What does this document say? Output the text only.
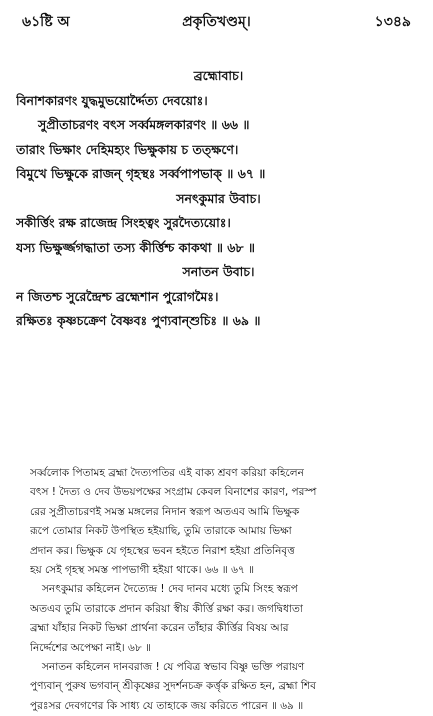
৬১ষ্টি অ	প্রকৃতিখণ্ডম্।	১৩৪৯
ব্রহ্মোবাচ।
বিনাশকারণং যুদ্ধমুভয়োর্দ্দৈত্য দেবয়োঃ।
সুপ্রীতাচরণং বৎস সর্ব্বমঙ্গলকারণং ॥ ৬৬ ॥
তারাং ভিক্ষাং দেহিমহ্যং ভিক্ষুকায় চ তত্ক্ষণে।
বিমুখে ভিক্ষুকে রাজন্ গৃহস্থঃ সর্ব্বপাপভাক্ ॥ ৬৭ ॥
সনৎকুমার উবাচ।
সকীর্ত্তিং রক্ষ রাজেন্দ্র সিংহত্বং সুরদৈত্যয়োঃ।
যস্য ভিক্ষুর্জ্জগদ্ধাতা তস্য কীর্ত্তিশ্চ কাকথা ॥ ৬৮ ॥
সনাতন উবাচ।
ন জিতশ্চ সুরেন্দ্রৈশ্চ ব্রহ্মেশান পুরোগমৈঃ।
রক্ষিতঃ কৃষ্ণচক্রেণ বৈষ্ণবঃ পুণ্যবান্শুচিঃ ॥ ৬৯ ॥
সর্ব্বলোক পিতামহ ব্রহ্মা দৈত্যপতির এই বাক্য শ্রবণ করিয়া কহিলেন
বৎস ! দৈত্য ও দেব উভয়পক্ষের সংগ্রাম কেবল বিনাশের কারণ, পরস্প
রের সুপ্রীতাচরণই সমস্ত মঙ্গলের নিদান স্বরূপ অতএব আমি ভিক্ষুক
রূপে তোমার নিকট উপস্থিত হইয়াছি, তুমি তারাকে আমায় ভিক্ষা
প্রদান কর। ভিক্ষুক যে গৃহস্থের ভবন হইতে নিরাশ হইয়া প্রতিনিবৃত্ত
হয় সেই গৃহস্থ সমস্ত পাপভাগী হইয়া থাকে। ৬৬ ॥ ৬৭ ॥
সনৎকুমার কহিলেন দৈত্যেন্দ্র ! দেব দানব মধ্যে তুমি সিংহ স্বরূপ
অতএব তুমি তারাকে প্রদান করিয়া স্বীয় কীর্ত্তি রক্ষা কর। জগদ্বিধাতা
ব্রহ্মা যাঁহার নিকট ভিক্ষা প্রার্থনা করেন তাঁহার কীর্ত্তির বিষয় আর
নির্দ্দেশের অপেক্ষা নাই। ৬৮ ॥
সনাতন কহিলেন দানবরাজ ! যে পবিত্র স্বভাব বিষ্ণু ভক্তি পরায়ণ
পুণ্যবান্ পুরুষ ভগবান্ শ্রীকৃষ্ণের সুদর্শনচক্র কর্ত্তৃক রক্ষিত হন, ব্রহ্মা শিব
পুরঃসর দেবগণের কি সাধ্য যে তাহাকে জয় করিতে পারেন ॥ ৬৯ ॥
